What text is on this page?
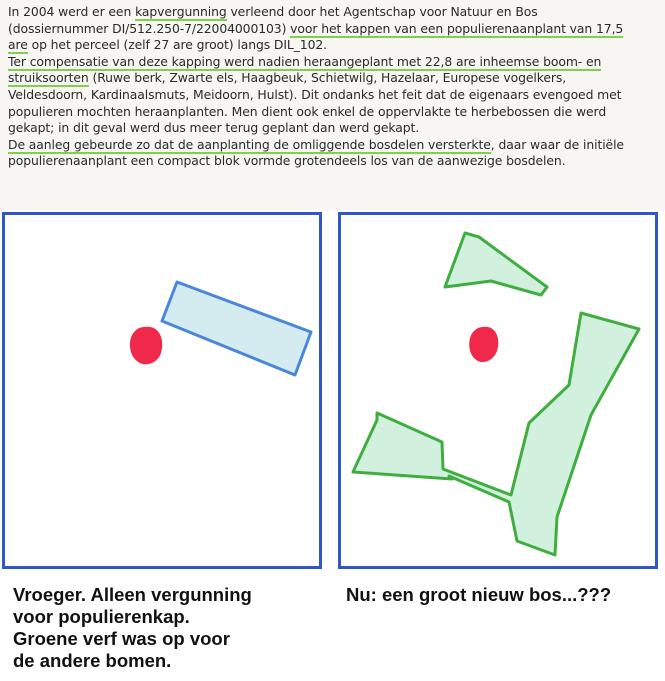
In 2004 werd er een kapvergunning verleend door het Agentschap voor Natuur en Bos
(dossiernummer DI/512.250-7/22004000103) voor het kappen van een populierenaanplant van 17,5
are op het perceel (zelf 27 are groot) langs DIL_102.
Ter compensatie van deze kapping werd nadien heraangeplant met 22,8 are inheemse boom- en
struiksoorten (Ruwe berk, Zwarte els, Haagbeuk, Schietwilg, Hazelaar, Europese vogelkers,
Veldesdoorn, Kardinaalsmuts, Meidoorn, Hulst). Dit ondanks het feit dat de eigenaars evengoed met
populieren mochten heraanplanten. Men dient ook enkel de oppervlakte te herbebossen die werd
gekapt; in dit geval werd dus meer terug geplant dan werd gekapt.
De aanleg gebeurde zo dat de aanplanting de omliggende bosdelen versterkte, daar waar de initiële
populierenaanplant een compact blok vormde grotendeels los van de aanwezige bosdelen.
Vroeger. Alleen vergunning
voor populierenkap.
Groene verf was op voor
de andere bomen.
Nu: een groot nieuw bos...???
